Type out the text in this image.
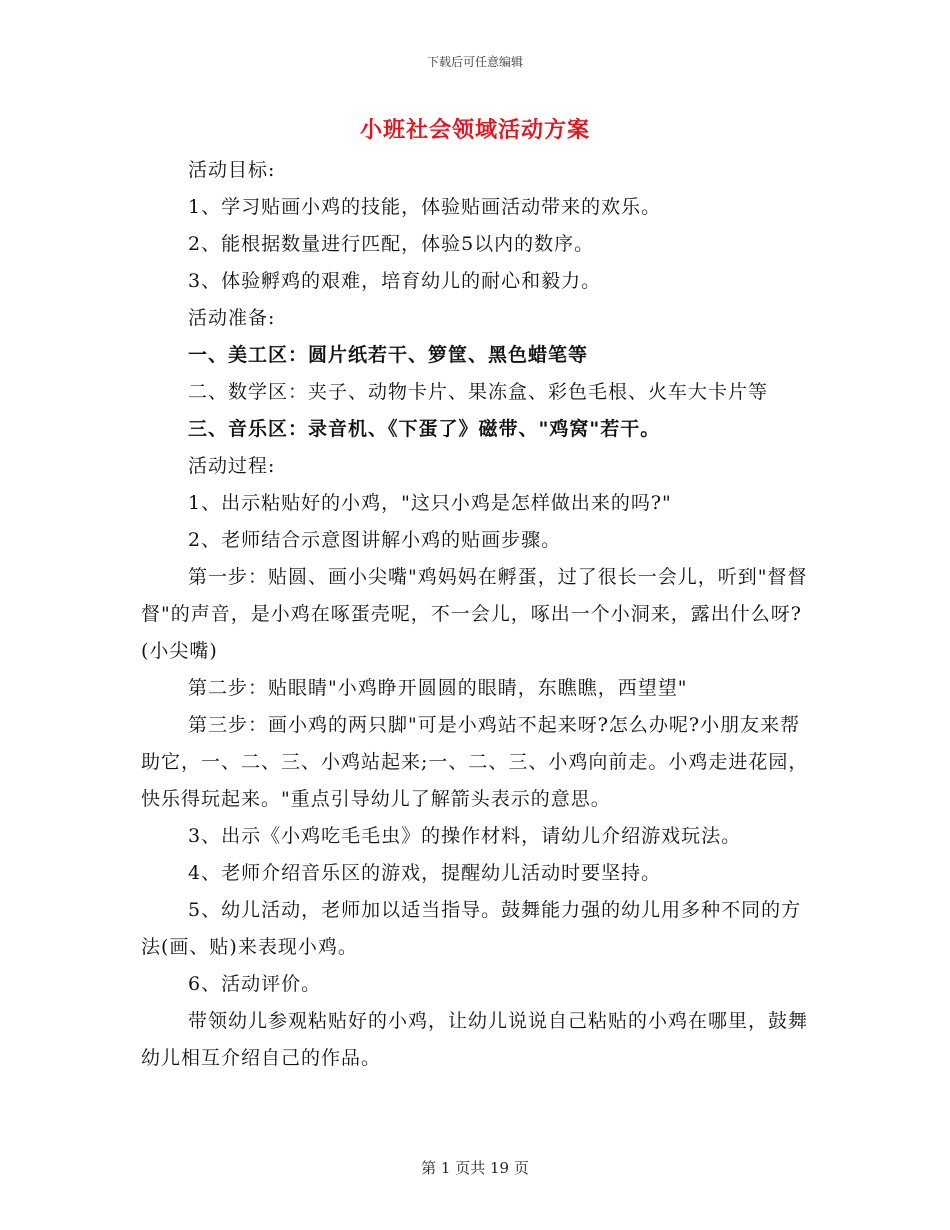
下载后可任意编辑
小班社会领域活动方案

活动目标:

1、学习贴画小鸡的技能，体验贴画活动带来的欢乐。

2、能根据数量进行匹配，体验5以内的数序。

3、体验孵鸡的艰难，培育幼儿的耐心和毅力。

活动准备:

一、美工区：圆片纸若干、箩筐、黑色蜡笔等

二、数学区：夹子、动物卡片、果冻盒、彩色毛根、火车大卡片等

三、音乐区：录音机、《下蛋了》磁带、"鸡窝"若干。

活动过程:

1、出示粘贴好的小鸡，"这只小鸡是怎样做出来的吗?"

2、老师结合示意图讲解小鸡的贴画步骤。

第一步：贴圆、画小尖嘴"鸡妈妈在孵蛋，过了很长一会儿，听到"督督督"的声音，是小鸡在啄蛋壳呢，不一会儿，啄出一个小洞来，露出什么呀?(小尖嘴)

第二步：贴眼睛"小鸡睁开圆圆的眼睛，东瞧瞧，西望望"

第三步：画小鸡的两只脚"可是小鸡站不起来呀?怎么办呢?小朋友来帮助它，一、二、三、小鸡站起来;一、二、三、小鸡向前走。小鸡走进花园，快乐得玩起来。"重点引导幼儿了解箭头表示的意思。

3、出示《小鸡吃毛毛虫》的操作材料，请幼儿介绍游戏玩法。

4、老师介绍音乐区的游戏，提醒幼儿活动时要坚持。

5、幼儿活动，老师加以适当指导。鼓舞能力强的幼儿用多种不同的方法(画、贴)来表现小鸡。

6、活动评价。

带领幼儿参观粘贴好的小鸡，让幼儿说说自己粘贴的小鸡在哪里，鼓舞幼儿相互介绍自己的作品。

第 1 页共 19 页
